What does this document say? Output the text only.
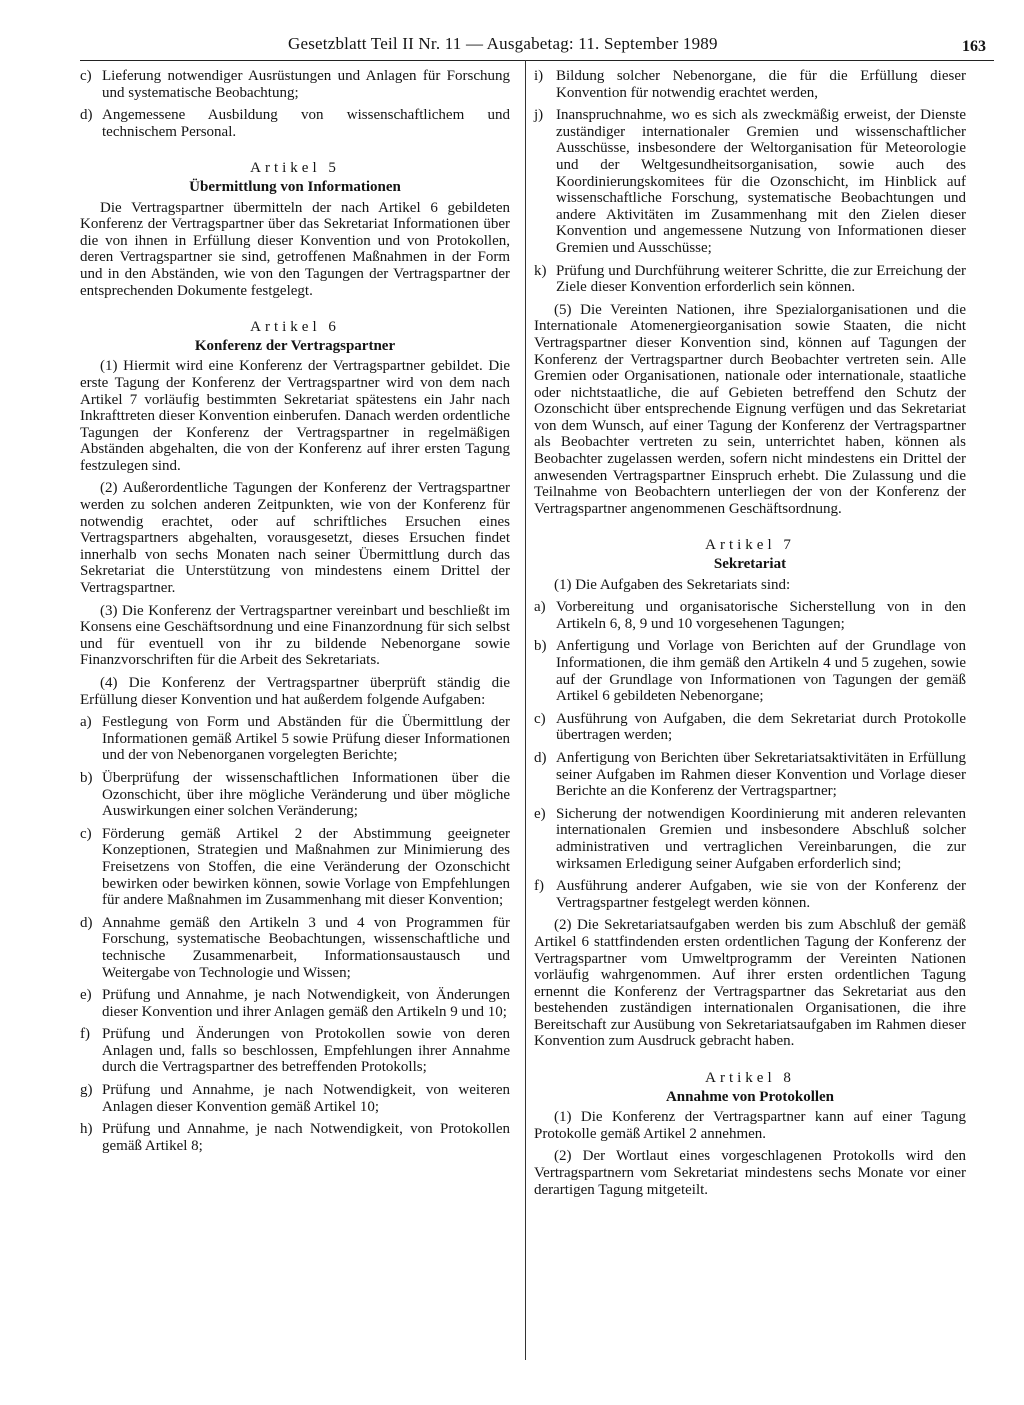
Gesetzblatt Teil II Nr. 11 — Ausgabetag: 11. September 1989	163
c) Lieferung notwendiger Ausrüstungen und Anlagen für Forschung und systematische Beobachtung;
d) Angemessene Ausbildung von wissenschaftlichem und technischem Personal.
Artikel 5
Übermittlung von Informationen

Die Vertragspartner übermitteln der nach Artikel 6 gebildeten Konferenz der Vertragspartner über das Sekretariat Informationen über die von ihnen in Erfüllung dieser Konvention und von Protokollen, deren Vertragspartner sie sind, getroffenen Maßnahmen in der Form und in den Abständen, wie von den Tagungen der Vertragspartner der entsprechenden Dokumente festgelegt.

Artikel 6
Konferenz der Vertragspartner

(1) Hiermit wird eine Konferenz der Vertragspartner gebildet. Die erste Tagung der Konferenz der Vertragspartner wird von dem nach Artikel 7 vorläufig bestimmten Sekretariat spätestens ein Jahr nach Inkrafttreten dieser Konvention einberufen. Danach werden ordentliche Tagungen der Konferenz der Vertragspartner in regelmäßigen Abständen abgehalten, die von der Konferenz auf ihrer ersten Tagung festzulegen sind.

(2) Außerordentliche Tagungen der Konferenz der Vertragspartner werden zu solchen anderen Zeitpunkten, wie von der Konferenz für notwendig erachtet, oder auf schriftliches Ersuchen eines Vertragspartners abgehalten, vorausgesetzt, dieses Ersuchen findet innerhalb von sechs Monaten nach seiner Übermittlung durch das Sekretariat die Unterstützung von mindestens einem Drittel der Vertragspartner.

(3) Die Konferenz der Vertragspartner vereinbart und beschließt im Konsens eine Geschäftsordnung und eine Finanzordnung für sich selbst und für eventuell von ihr zu bildende Nebenorgane sowie Finanzvorschriften für die Arbeit des Sekretariats.

(4) Die Konferenz der Vertragspartner überprüft ständig die Erfüllung dieser Konvention und hat außerdem folgende Aufgaben:

a) Festlegung von Form und Abständen für die Übermittlung der Informationen gemäß Artikel 5 sowie Prüfung dieser Informationen und der von Nebenorganen vorgelegten Berichte;
b) Überprüfung der wissenschaftlichen Informationen über die Ozonschicht, über ihre mögliche Veränderung und über mögliche Auswirkungen einer solchen Veränderung;
c) Förderung gemäß Artikel 2 der Abstimmung geeigneter Konzeptionen, Strategien und Maßnahmen zur Minimierung des Freisetzens von Stoffen, die eine Veränderung der Ozonschicht bewirken oder bewirken können, sowie Vorlage von Empfehlungen für andere Maßnahmen im Zusammenhang mit dieser Konvention;
d) Annahme gemäß den Artikeln 3 und 4 von Programmen für Forschung, systematische Beobachtungen, wissenschaftliche und technische Zusammenarbeit, Informationsaustausch und Weitergabe von Technologie und Wissen;
e) Prüfung und Annahme, je nach Notwendigkeit, von Änderungen dieser Konvention und ihrer Anlagen gemäß den Artikeln 9 und 10;
f) Prüfung und Änderungen von Protokollen sowie von deren Anlagen und, falls so beschlossen, Empfehlungen ihrer Annahme durch die Vertragspartner des betreffenden Protokolls;
g) Prüfung und Annahme, je nach Notwendigkeit, von weiteren Anlagen dieser Konvention gemäß Artikel 10;
h) Prüfung und Annahme, je nach Notwendigkeit, von Protokollen gemäß Artikel 8;
i) Bildung solcher Nebenorgane, die für die Erfüllung dieser Konvention für notwendig erachtet werden,
j) Inanspruchnahme, wo es sich als zweckmäßig erweist, der Dienste zuständiger internationaler Gremien und wissenschaftlicher Ausschüsse, insbesondere der Weltorganisation für Meteorologie und der Weltgesundheitsorganisation, sowie auch des Koordinierungskomitees für die Ozonschicht, im Hinblick auf wissenschaftliche Forschung, systematische Beobachtungen und andere Aktivitäten im Zusammenhang mit den Zielen dieser Konvention und angemessene Nutzung von Informationen dieser Gremien und Ausschüsse;
k) Prüfung und Durchführung weiterer Schritte, die zur Erreichung der Ziele dieser Konvention erforderlich sein können.

(5) Die Vereinten Nationen, ihre Spezialorganisationen und die Internationale Atomenergieorganisation sowie Staaten, die nicht Vertragspartner dieser Konvention sind, können auf Tagungen der Konferenz der Vertragspartner durch Beobachter vertreten sein. Alle Gremien oder Organisationen, nationale oder internationale, staatliche oder nichtstaatliche, die auf Gebieten betreffend den Schutz der Ozonschicht über entsprechende Eignung verfügen und das Sekretariat von dem Wunsch, auf einer Tagung der Konferenz der Vertragspartner als Beobachter vertreten zu sein, unterrichtet haben, können als Beobachter zugelassen werden, sofern nicht mindestens ein Drittel der anwesenden Vertragspartner Einspruch erhebt. Die Zulassung und die Teilnahme von Beobachtern unterliegen der von der Konferenz der Vertragspartner angenommenen Geschäftsordnung.

Artikel 7
Sekretariat

(1) Die Aufgaben des Sekretariats sind:

a) Vorbereitung und organisatorische Sicherstellung von in den Artikeln 6, 8, 9 und 10 vorgesehenen Tagungen;
b) Anfertigung und Vorlage von Berichten auf der Grundlage von Informationen, die ihm gemäß den Artikeln 4 und 5 zugehen, sowie auf der Grundlage von Informationen von Tagungen der gemäß Artikel 6 gebildeten Nebenorgane;
c) Ausführung von Aufgaben, die dem Sekretariat durch Protokolle übertragen werden;
d) Anfertigung von Berichten über Sekretariatsaktivitäten in Erfüllung seiner Aufgaben im Rahmen dieser Konvention und Vorlage dieser Berichte an die Konferenz der Vertragspartner;
e) Sicherung der notwendigen Koordinierung mit anderen relevanten internationalen Gremien und insbesondere Abschluß solcher administrativen und vertraglichen Vereinbarungen, die zur wirksamen Erledigung seiner Aufgaben erforderlich sind;
f) Ausführung anderer Aufgaben, wie sie von der Konferenz der Vertragspartner festgelegt werden können.

(2) Die Sekretariatsaufgaben werden bis zum Abschluß der gemäß Artikel 6 stattfindenden ersten ordentlichen Tagung der Konferenz der Vertragspartner vom Umweltprogramm der Vereinten Nationen vorläufig wahrgenommen. Auf ihrer ersten ordentlichen Tagung ernennt die Konferenz der Vertragspartner das Sekretariat aus den bestehenden zuständigen internationalen Organisationen, die ihre Bereitschaft zur Ausübung von Sekretariatsaufgaben im Rahmen dieser Konvention zum Ausdruck gebracht haben.

Artikel 8
Annahme von Protokollen

(1) Die Konferenz der Vertragspartner kann auf einer Tagung Protokolle gemäß Artikel 2 annehmen.

(2) Der Wortlaut eines vorgeschlagenen Protokolls wird den Vertragspartnern vom Sekretariat mindestens sechs Monate vor einer derartigen Tagung mitgeteilt.
